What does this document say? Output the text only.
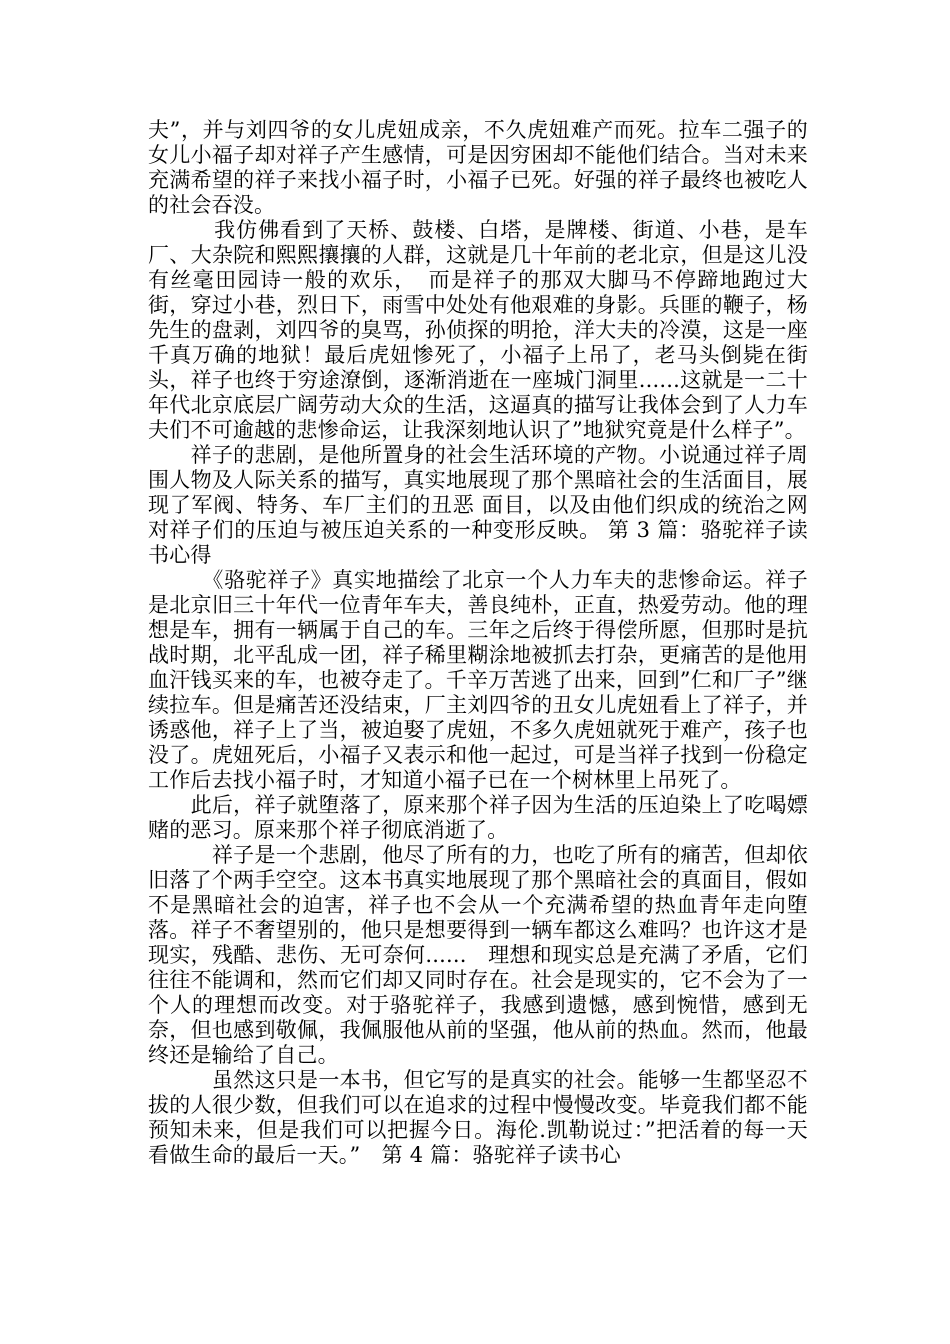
夫”，并与刘四爷的女儿虎妞成亲，不久虎妞难产而死。拉车二强子的女儿小福子却对祥子产生感情，可是因穷困却不能他们结合。当对未来充满希望的祥子来找小福子时，小福子已死。好强的祥子最终也被吃人的社会吞没。

　　　我仿佛看到了天桥、鼓楼、白塔，是牌楼、街道、小巷，是车厂、大杂院和熙熙攘攘的人群，这就是几十年前的老北京，但是这儿没有丝毫田园诗一般的欢乐，　而是祥子的那双大脚马不停蹄地跑过大街，穿过小巷，烈日下，雨雪中处处有他艰难的身影。兵匪的鞭子，杨先生的盘剥，刘四爷的臭骂，孙侦探的明抢，洋大夫的冷漠，这是一座千真万确的地狱！最后虎妞惨死了，小福子上吊了，老马头倒毙在街头，祥子也终于穷途潦倒，逐渐消逝在一座城门洞里......这就是一二十年代北京底层广阔劳动大众的生活，这逼真的描写让我体会到了人力车夫们不可逾越的悲惨命运，让我深刻地认识了”地狱究竟是什么样子”。

　　祥子的悲剧，是他所置身的社会生活环境的产物。小说通过祥子周围人物及人际关系的描写，真实地展现了那个黑暗社会的生活面目，展现了军阀、特务、车厂主们的丑恶 面目，以及由他们织成的统治之网对祥子们的压迫与被压迫关系的一种变形反映。 第 3 篇：骆驼祥子读书心得

　　　《骆驼祥子》真实地描绘了北京一个人力车夫的悲惨命运。祥子是北京旧三十年代一位青年车夫，善良纯朴，正直，热爱劳动。他的理想是车，拥有一辆属于自己的车。三年之后终于得偿所愿，但那时是抗战时期，北平乱成一团，祥子稀里糊涂地被抓去打杂，更痛苦的是他用血汗钱买来的车，也被夺走了。千辛万苦逃了出来，回到”仁和厂子”继续拉车。但是痛苦还没结束，厂主刘四爷的丑女儿虎妞看上了祥子，并诱惑他，祥子上了当，被迫娶了虎妞，不多久虎妞就死于难产，孩子也没了。虎妞死后，小福子又表示和他一起过，可是当祥子找到一份稳定工作后去找小福子时，才知道小福子已在一个树林里上吊死了。

　　此后，祥子就堕落了，原来那个祥子因为生活的压迫染上了吃喝嫖赌的恶习。原来那个祥子彻底消逝了。

　　　祥子是一个悲剧，他尽了所有的力，也吃了所有的痛苦，但却依旧落了个两手空空。这本书真实地展现了那个黑暗社会的真面目，假如不是黑暗社会的迫害，祥子也不会从一个充满希望的热血青年走向堕落。祥子不奢望别的，他只是想要得到一辆车都这么难吗？也许这才是现实，残酷、悲伤、无可奈何......　理想和现实总是充满了矛盾，它们往往不能调和，然而它们却又同时存在。社会是现实的，它不会为了一个人的理想而改变。对于骆驼祥子，我感到遗憾，感到惋惜，感到无奈，但也感到敬佩，我佩服他从前的坚强，他从前的热血。然而，他最终还是输给了自己。

　　　虽然这只是一本书，但它写的是真实的社会。能够一生都坚忍不拔的人很少数，但我们可以在追求的过程中慢慢改变。毕竟我们都不能预知未来，但是我们可以把握今日。海伦.凯勒说过：”把活着的每一天看做生命的最后一天。”　第 4 篇：骆驼祥子读书心
